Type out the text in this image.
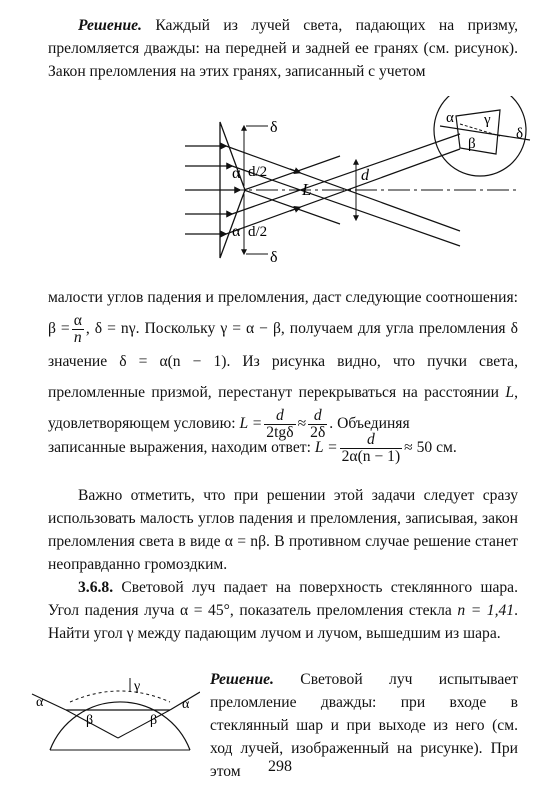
Решение. Каждый из лучей света, падающих на призму, преломляется дважды: на передней и задней ее гранях (см. рисунок). Закон преломления на этих гранях, записанный с учетом

δ
α d/2
L
d
α d/2
δ
α γ
β
δ

малости углов падения и преломления, даст следующие соотношения: $\beta = \frac{\alpha}{n}$ , δ = nγ. Поскольку γ = α − β, получаем для угла преломления δ значение δ = α(n − 1). Из рисунка видно, что пучки света, преломленные призмой, перестанут перекрываться на расстоянии L, удовлетворяющем условию: $L = \frac{d}{\text{2tgδ}} \approx \frac{d}{2\delta}$ . Объединяя

записанные выражения, находим ответ: $L = \frac{d}{2\alpha(n - 1)} \approx 50$ см.

Важно отметить, что при решении этой задачи следует сразу использовать малость углов падения и преломления, записывая, закон преломления света в виде α = nβ. В противном случае решение станет неоправданно громоздким.

3.6.8. Световой луч падает на поверхность стеклянного шара. Угол падения луча α = 45°, показатель преломления стекла n = 1,41. Найти угол γ между падающим лучом и лучом, вышедшим из шара.

α
β
γ
β
α

Решение. Световой луч испытывает преломление дважды: при входе в стеклянный шар и при выходе из него (см. ход лучей, изображенный на рисунке). При этом	298
